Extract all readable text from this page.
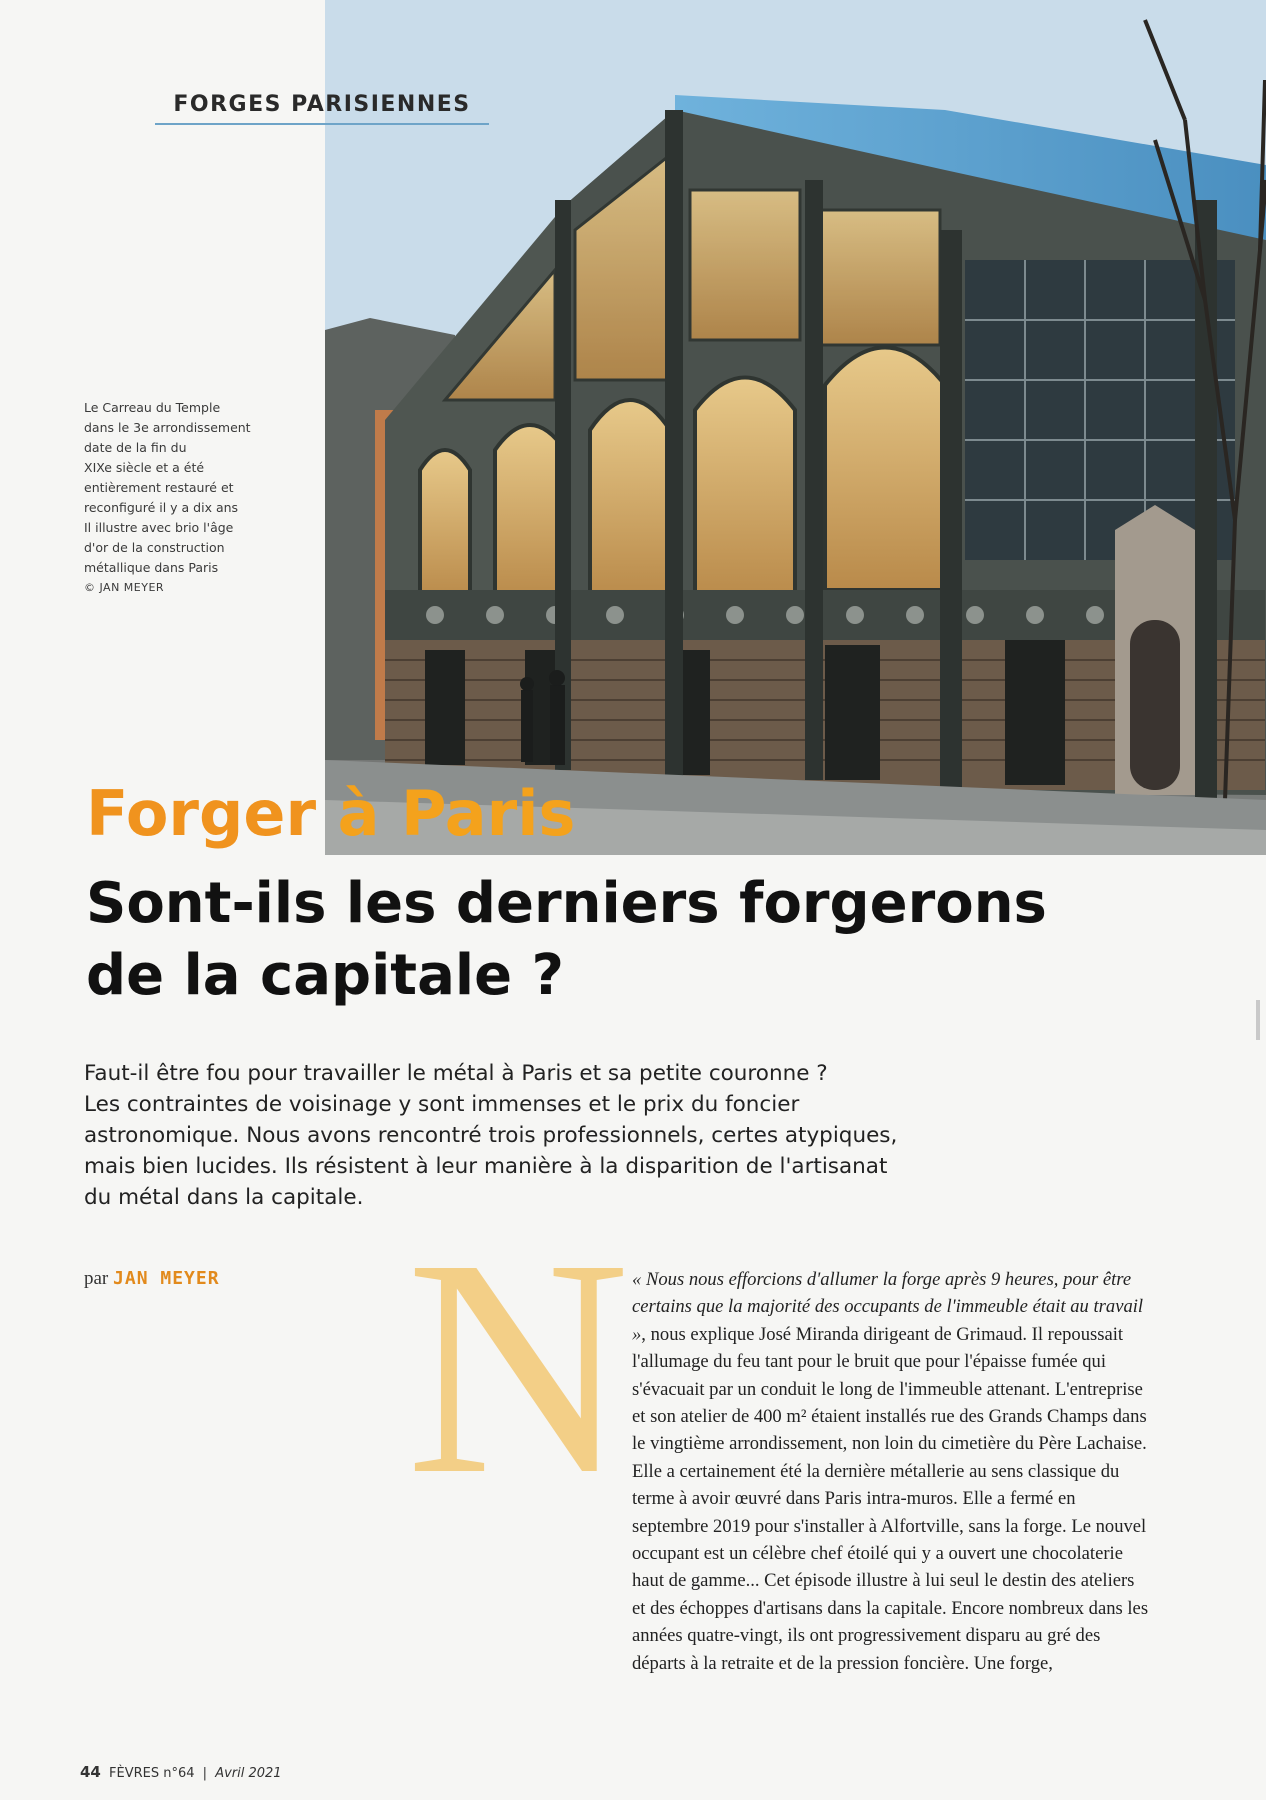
FORGES PARISIENNES
Le Carreau du Temple
dans le 3e arrondissement
date de la fin du
XIXe siècle et a été
entièrement restauré et
reconfiguré il y a dix ans
Il illustre avec brio l'âge
d'or de la construction
métallique dans Paris
© JAN MEYER
Forger à Paris
Sont-ils les derniers forgerons
de la capitale ?
Faut-il être fou pour travailler le métal à Paris et sa petite couronne ?
Les contraintes de voisinage y sont immenses et le prix du foncier
astronomique. Nous avons rencontré trois professionnels, certes atypiques,
mais bien lucides. Ils résistent à leur manière à la disparition de l'artisanat
du métal dans la capitale.
par JAN MEYER N « Nous nous efforcions d'allumer la forge après 9 heures, pour être certains que la majorité des occupants de l'immeuble était au travail », nous explique José Miranda dirigeant de Grimaud. Il repoussait l'allumage du feu tant pour le bruit que pour l'épaisse fumée qui s'évacuait par un conduit le long de l'immeuble attenant. L'entreprise et son atelier de 400 m² étaient installés rue des Grands Champs dans le vingtième arrondissement, non loin du cimetière du Père Lachaise. Elle a certainement été la dernière métallerie au sens classique du terme à avoir œuvré dans Paris intra-muros. Elle a fermé en septembre 2019 pour s'installer à Alfortville, sans la forge. Le nouvel occupant est un célèbre chef étoilé qui y a ouvert une chocolaterie haut de gamme... Cet épisode illustre à lui seul le destin des ateliers et des échoppes d'artisans dans la capitale. Encore nombreux dans les années quatre-vingt, ils ont progressivement disparu au gré des départs à la retraite et de la pression foncière. Une forge,
44 FÈVRES n°64 | Avril 2021
